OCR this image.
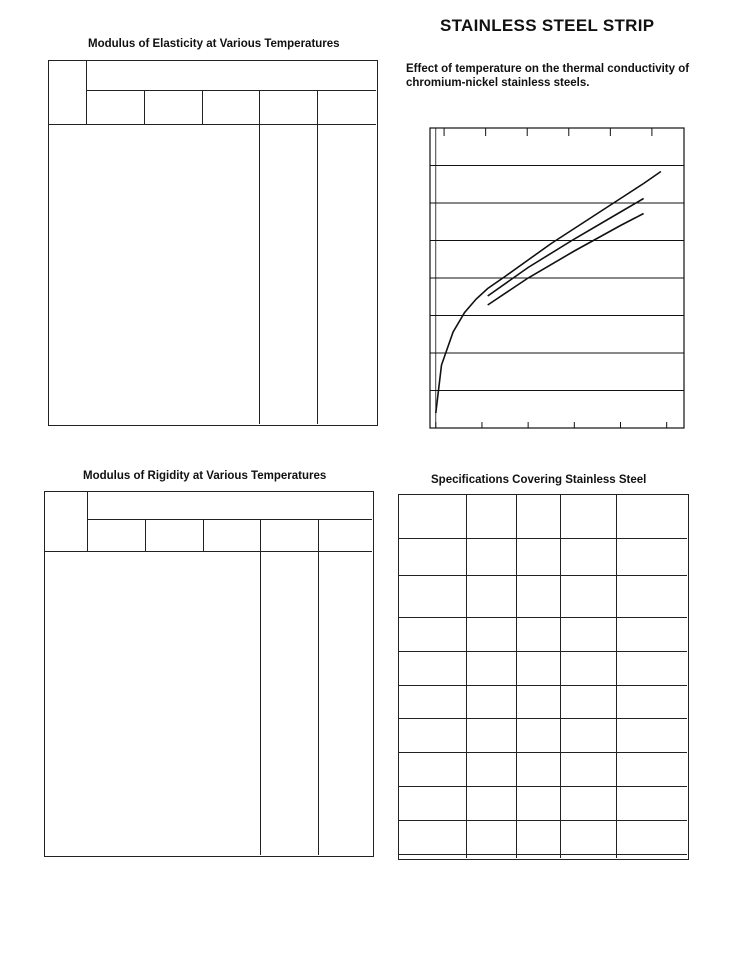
STAINLESS STEEL STRIP
Modulus of Elasticity at Various Temperatures
Modulus of Rigidity at Various Temperatures
Effect of temperature on the thermal conductivity of chromium-nickel stainless steels.
Specifications Covering Stainless Steel
